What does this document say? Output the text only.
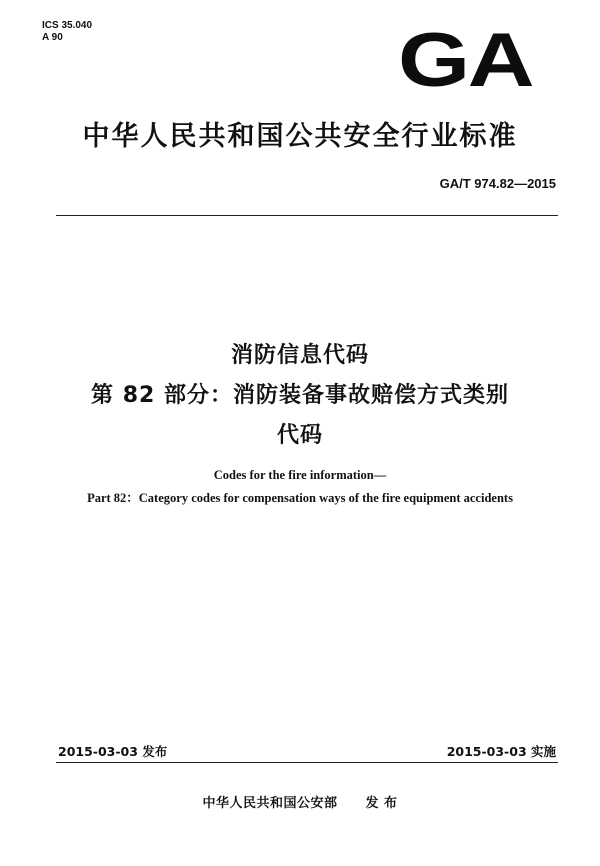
ICS 35.040
A 90	GA
中华人民共和国公共安全行业标准
GA/T 974.82—2015
消防信息代码
第 82 部分：消防装备事故赔偿方式类别
代码
Codes for the fire information—
Part 82：Category codes for compensation ways of the fire equipment accidents
2015-03-03 发布	2015-03-03 实施
中华人民共和国公安部 发 布
